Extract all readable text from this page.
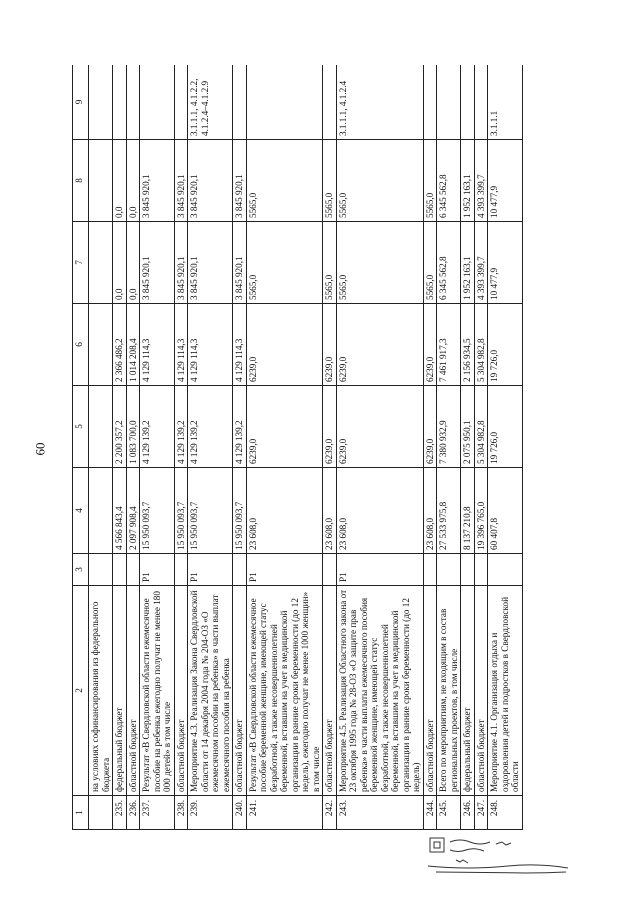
60
1	2	3	4	5	6	7	8	9
	на условиях софинансирования из федерального бюджета							
235.	федеральный бюджет		4 566 843,4	2 200 357,2	2 366 486,2	0,0	0,0	
236.	областной бюджет		2 097 908,4	1 083 700,0	1 014 208,4	0,0	0,0	
237.	Результат «В Свердловской области ежемесячное пособие на ребенка ежегодно получат не менее 180 000 детей» в том числе	P1	15 950 093,7	4 129 139,2	4 129 114,3	3 845 920,1	3 845 920,1	
238.	областной бюджет		15 950 093,7	4 129 139,2	4 129 114,3	3 845 920,1	3 845 920,1	
239.	Мероприятие 4.3. Реализация Закона Свердловской области от 14 декабря 2004 года № 204-ОЗ «О ежемесячном пособии на ребенка» в части выплат ежемесячного пособия на ребенка	P1	15 950 093,7	4 129 139,2	4 129 114,3	3 845 920,1	3 845 920,1	3.1.1.1, 4.1.2.2, 4.1.2.4–4.1.2.9
240.	областной бюджет		15 950 093,7	4 129 139,2	4 129 114,3	3 845 920,1	3 845 920,1	
241.	Результат «В Свердловской области ежемесячное пособие беременной женщине, имеющей статус безработной, а также несовершеннолетней беременной, вставшим на учет в медицинской организации в ранние сроки беременности (до 12 недель), ежегодно получат не менее 1000 женщин» в том числе	P1	23 608,0	6239,0	6239,0	5565,0	5565,0	
242.	областной бюджет		23 608,0	6239,0	6239,0	5565,0	5565,0	
243.	Мероприятие 4.5. Реализация Областного закона от 23 октября 1995 года № 28-ОЗ «О защите прав ребенка» в части выплаты ежемесячного пособия беременной женщине, имеющей статус безработной, а также несовершеннолетней беременной, вставшим на учет в медицинской организации в ранние сроки беременности (до 12 недель)	P1	23 608,0	6239,0	6239,0	5565,0	5565,0	3.1.1.1, 4.1.2.4
244.	областной бюджет		23 608,0	6239,0	6239,0	5565,0	5565,0	
245.	Всего по мероприятиям, не входящим в состав региональных проектов, в том числе		27 533 975,8	7 380 932,9	7 461 917,3	6 345 562,8	6 345 562,8	
246.	федеральный бюджет		8 137 210,8	2 075 950,1	2 156 934,5	1 952 163,1	1 952 163,1	
247.	областной бюджет		19 396 765,0	5 304 982,8	5 304 982,8	4 393 399,7	4 393 399,7	
248.	Мероприятие 4.1. Организация отдыха и оздоровления детей и подростков в Свердловской области		60 407,8	19 726,0	19 726,0	10 477,9	10 477,9	3.1.1.1
